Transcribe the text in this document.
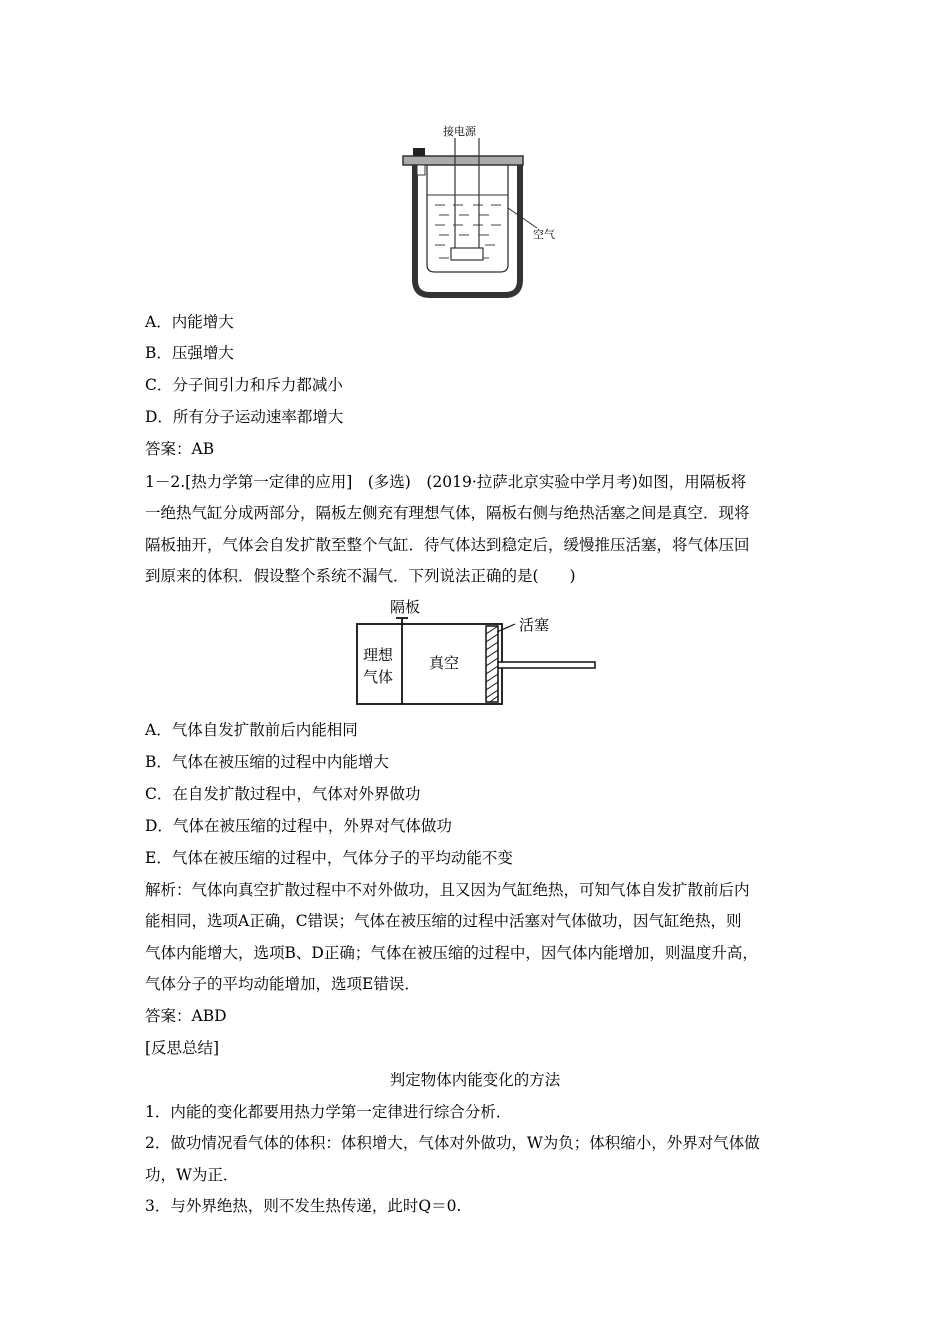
接电源
空气
A．内能增大
B．压强增大
C．分子间引力和斥力都减小
D．所有分子运动速率都增大
答案：AB
1－2.[热力学第一定律的应用]　(多选)　(2019·拉萨北京实验中学月考)如图，用隔板将
一绝热气缸分成两部分，隔板左侧充有理想气体，隔板右侧与绝热活塞之间是真空．现将
隔板抽开，气体会自发扩散至整个气缸．待气体达到稳定后，缓慢推压活塞，将气体压回
到原来的体积．假设整个系统不漏气．下列说法正确的是(　　)
隔板
活塞
理想
气体
真空
A．气体自发扩散前后内能相同
B．气体在被压缩的过程中内能增大
C．在自发扩散过程中，气体对外界做功
D．气体在被压缩的过程中，外界对气体做功
E．气体在被压缩的过程中，气体分子的平均动能不变
解析：气体向真空扩散过程中不对外做功，且又因为气缸绝热，可知气体自发扩散前后内
能相同，选项A正确，C错误；气体在被压缩的过程中活塞对气体做功，因气缸绝热，则
气体内能增大，选项B、D正确；气体在被压缩的过程中，因气体内能增加，则温度升高，
气体分子的平均动能增加，选项E错误．
答案：ABD
[反思总结]
判定物体内能变化的方法
1．内能的变化都要用热力学第一定律进行综合分析．
2．做功情况看气体的体积：体积增大，气体对外做功，W为负；体积缩小，外界对气体做
功，W为正．
3．与外界绝热，则不发生热传递，此时Q＝0.
